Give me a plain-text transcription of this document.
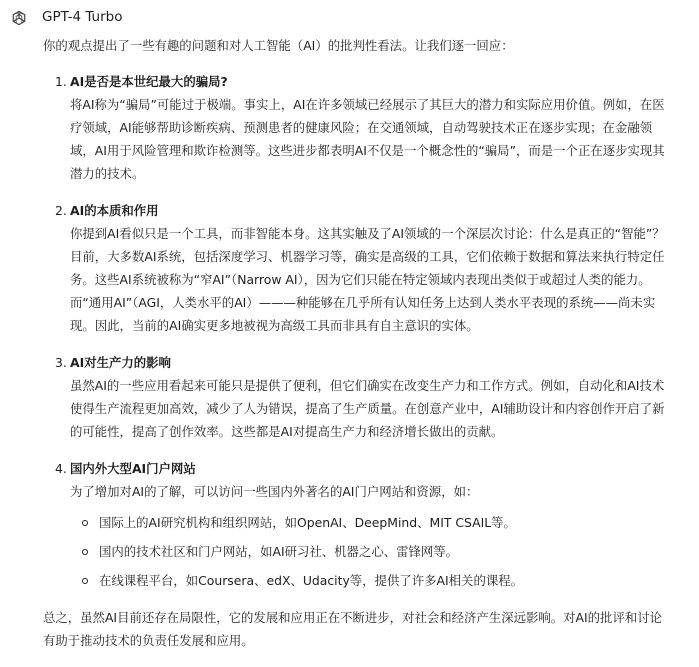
GPT-4 Turbo

你的观点提出了一些有趣的问题和对人工智能（AI）的批判性看法。让我们逐一回应：

1. AI是否是本世纪最大的骗局?
将AI称为“骗局”可能过于极端。事实上，AI在许多领域已经展示了其巨大的潜力和实际应用价值。例如，在医疗领域，AI能够帮助诊断疾病、预测患者的健康风险；在交通领域，自动驾驶技术正在逐步实现；在金融领域，AI用于风险管理和欺诈检测等。这些进步都表明AI不仅是一个概念性的“骗局”，而是一个正在逐步实现其潜力的技术。
2. AI的本质和作用
你提到AI看似只是一个工具，而非智能本身。这其实触及了AI领域的一个深层次讨论：什么是真正的“智能”？目前，大多数AI系统，包括深度学习、机器学习等，确实是高级的工具，它们依赖于数据和算法来执行特定任务。这些AI系统被称为“窄AI”（Narrow AI），因为它们只能在特定领域内表现出类似于或超过人类的能力。而“通用AI”（AGI，人类水平的AI）———种能够在几乎所有认知任务上达到人类水平表现的系统——尚未实现。因此，当前的AI确实更多地被视为高级工具而非具有自主意识的实体。
3. AI对生产力的影响
虽然AI的一些应用看起来可能只是提供了便利，但它们确实在改变生产力和工作方式。例如，自动化和AI技术使得生产流程更加高效，减少了人为错误，提高了生产质量。在创意产业中，AI辅助设计和内容创作开启了新的可能性，提高了创作效率。这些都是AI对提高生产力和经济增长做出的贡献。
4. 国内外大型AI门户网站
为了增加对AI的了解，可以访问一些国内外著名的AI门户网站和资源，如：
国际上的AI研究机构和组织网站，如OpenAI、DeepMind、MIT CSAIL等。
国内的技术社区和门户网站，如AI研习社、机器之心、雷锋网等。
在线课程平台，如Coursera、edX、Udacity等，提供了许多AI相关的课程。

总之，虽然AI目前还存在局限性，它的发展和应用正在不断进步，对社会和经济产生深远影响。对AI的批评和讨论有助于推动技术的负责任发展和应用。
